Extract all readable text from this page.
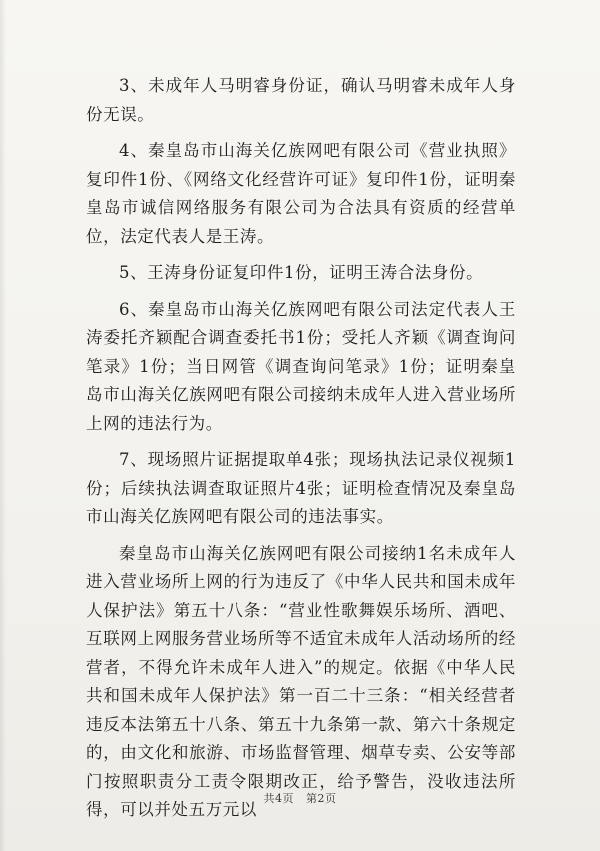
3、未成年人马明睿身份证，确认马明睿未成年人身份无误。

4、秦皇岛市山海关亿族网吧有限公司《营业执照》复印件1份、《网络文化经营许可证》复印件1份，证明秦皇岛市诚信网络服务有限公司为合法具有资质的经营单位，法定代表人是王涛。

5、王涛身份证复印件1份，证明王涛合法身份。

6、秦皇岛市山海关亿族网吧有限公司法定代表人王涛委托齐颖配合调查委托书1份；受托人齐颖《调查询问笔录》1份；当日网管《调查询问笔录》1份；证明秦皇岛市山海关亿族网吧有限公司接纳未成年人进入营业场所上网的违法行为。

7、现场照片证据提取单4张；现场执法记录仪视频1份；后续执法调查取证照片4张；证明检查情况及秦皇岛市山海关亿族网吧有限公司的违法事实。

秦皇岛市山海关亿族网吧有限公司接纳1名未成年人进入营业场所上网的行为违反了《中华人民共和国未成年人保护法》第五十八条：“营业性歌舞娱乐场所、酒吧、互联网上网服务营业场所等不适宜未成年人活动场所的经营者，不得允许未成年人进入”的规定。依据《中华人民共和国未成年人保护法》第一百二十三条：“相关经营者违反本法第五十八条、第五十九条第一款、第六十条规定的，由文化和旅游、市场监督管理、烟草专卖、公安等部门按照职责分工责令限期改正，给予警告，没收违法所得，可以并处五万元以

共4页 第2页
